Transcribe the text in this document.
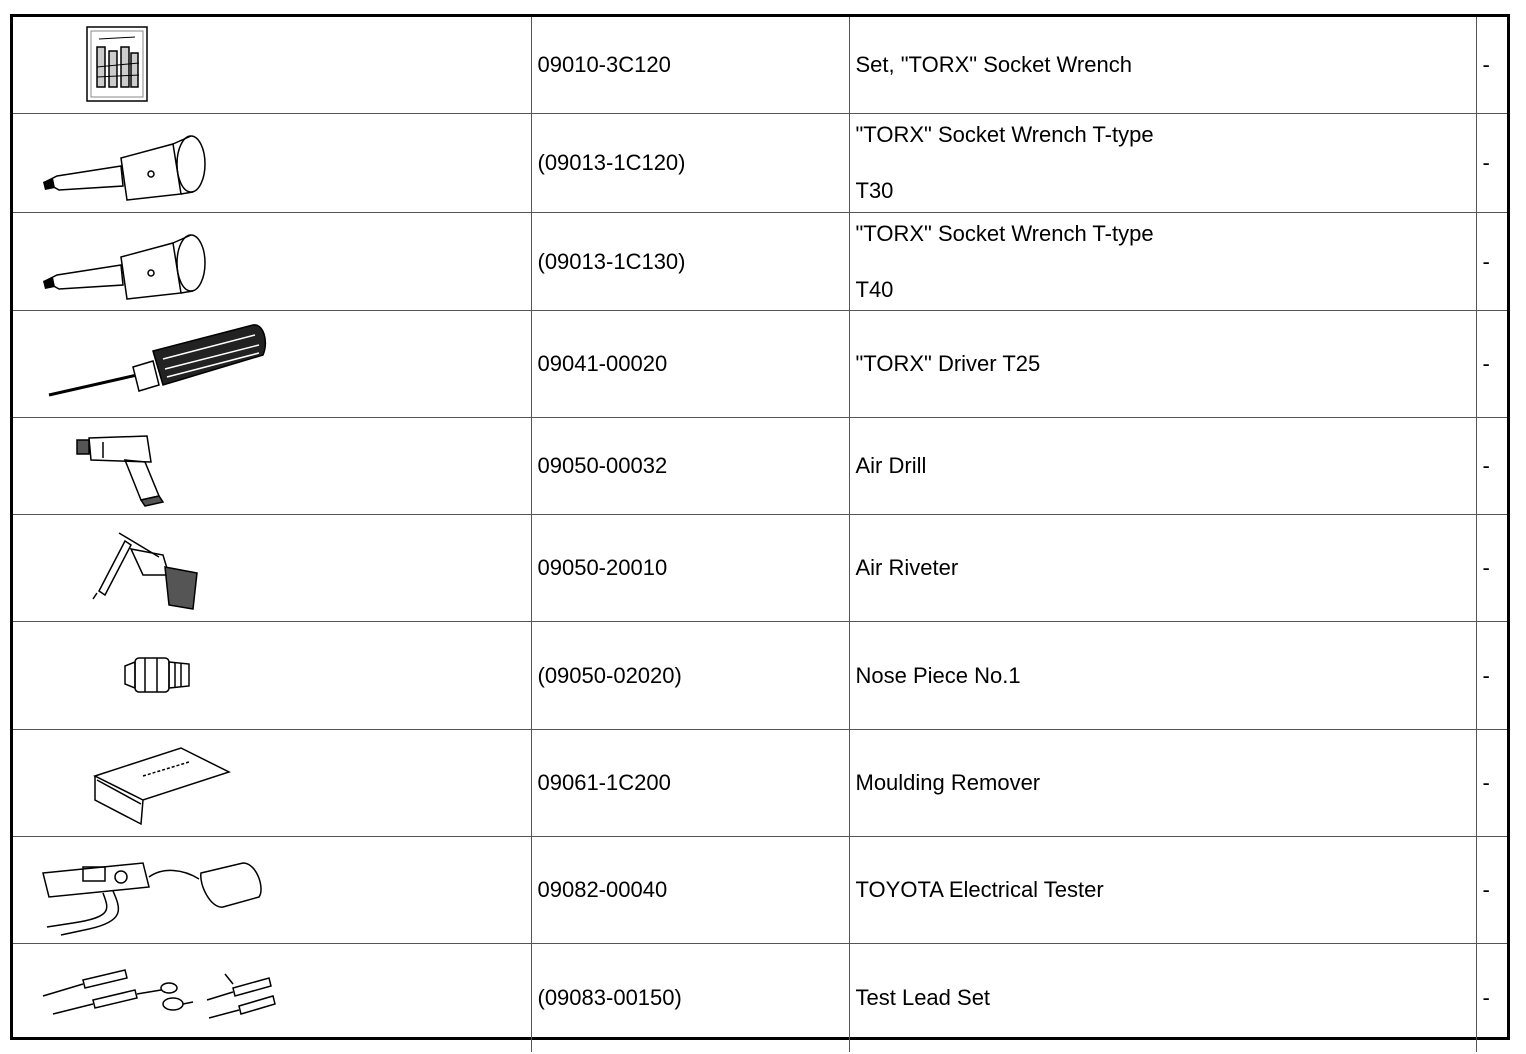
	09010-3C120	Set, "TORX" Socket Wrench	-

	(09013-1C120)	"TORX" Socket Wrench T-type
T30	-

	(09013-1C130)	"TORX" Socket Wrench T-type
T40	-

	09041-00020	"TORX" Driver T25	-

	09050-00032	Air Drill	-

	09050-20010	Air Riveter	-

	(09050-02020)	Nose Piece No.1	-

	09061-1C200	Moulding Remover	-

	09082-00040	TOYOTA Electrical Tester	-

	(09083-00150)	Test Lead Set	-
